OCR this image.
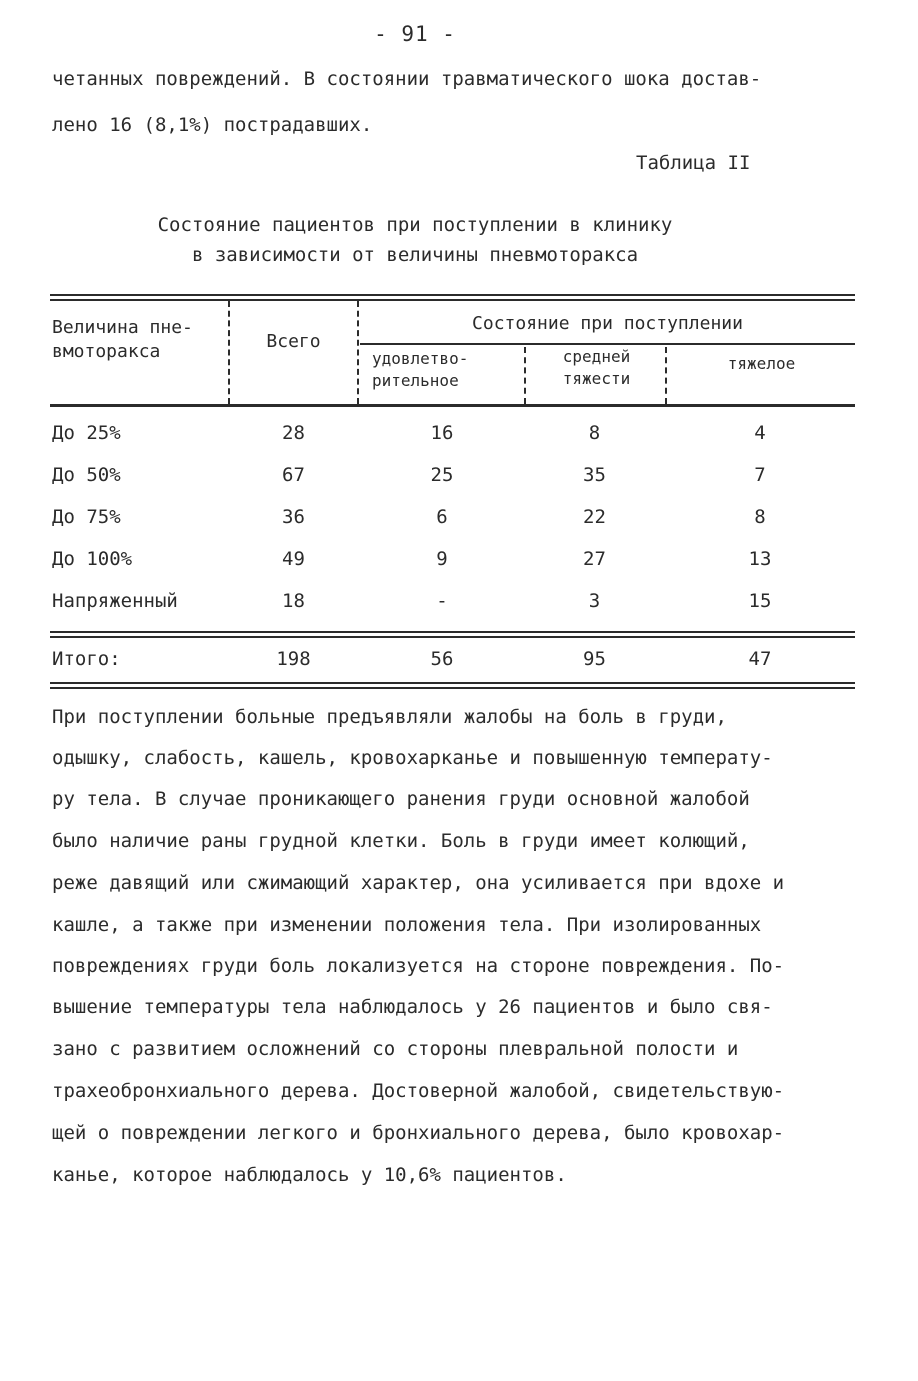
- 91 -
четанных повреждений. В состоянии травматического шока достав-
лено 16 (8,1%) пострадавших.
Таблица II
Состояние пациентов при поступлении в клинику
в зависимости от величины пневмоторакса
Величина пне-
вмоторакса	Всего
Состояние при поступлении
удовлетво-
рительное
средней
тяжести
тяжелое
До 25%	28	16	8	4
До 50%	67	25	35	7
До 75%	36	6	22	8
До 100%	49	9	27	13
Напряженный	18	-	3	15
Итого:	198	56	95	47
При поступлении больные предъявляли жалобы на боль в груди,
одышку, слабость, кашель, кровохарканье и повышенную температу-
ру тела. В случае проникающего ранения груди основной жалобой
было наличие раны грудной клетки. Боль в груди имеет колющий,
реже давящий или сжимающий характер, она усиливается при вдохе и
кашле, а также при изменении положения тела. При изолированных
повреждениях груди боль локализуется на стороне повреждения. По-
вышение температуры тела наблюдалось у 26 пациентов и было свя-
зано с развитием осложнений со стороны плевральной полости и
трахеобронхиального дерева. Достоверной жалобой, свидетельствую-
щей о повреждении легкого и бронхиального дерева, было кровохар-
канье, которое наблюдалось у 10,6% пациентов.
